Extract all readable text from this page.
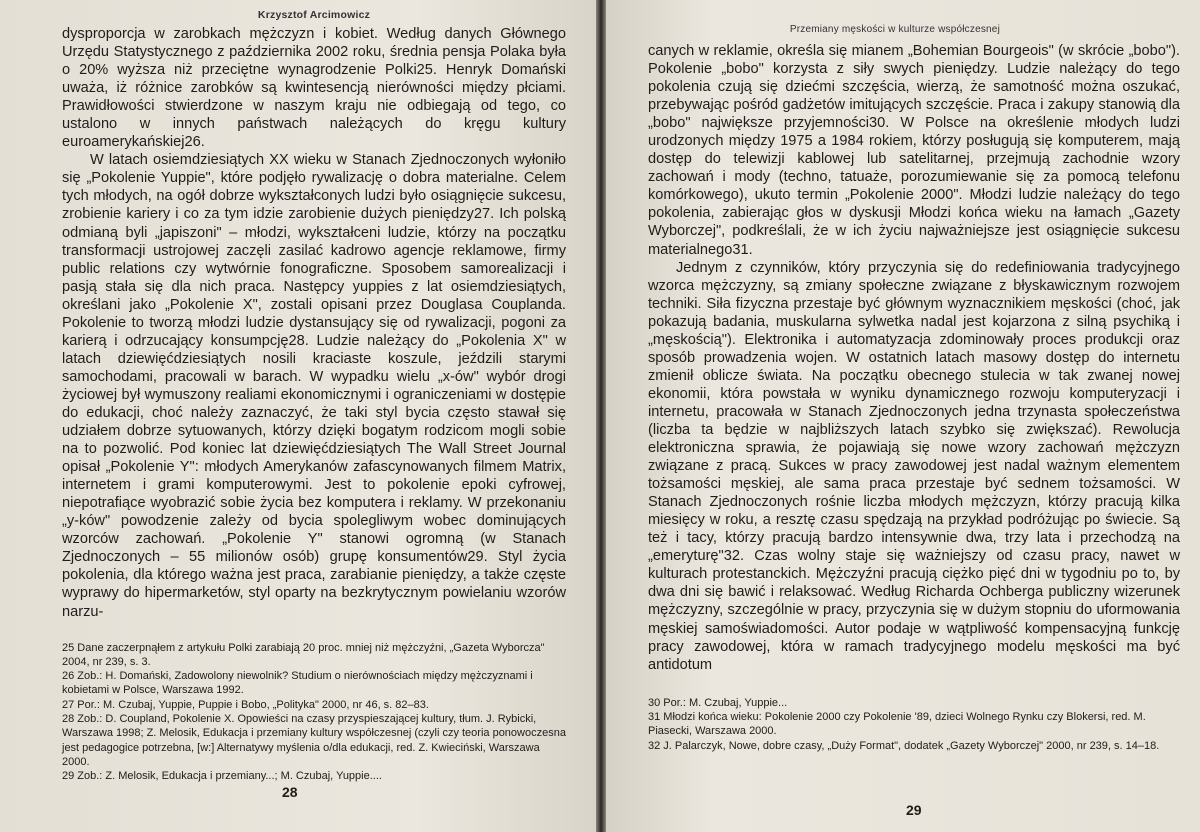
Krzysztof Arcimowicz

dysproporcja w zarobkach mężczyzn i kobiet. Według danych Głównego Urzędu Statystycznego z października 2002 roku, średnia pensja Polaka była o 20% wyższa niż przeciętne wynagrodzenie Polki25. Henryk Domański uważa, iż różnice zarobków są kwintesencją nierówności między płciami. Prawidłowości stwierdzone w naszym kraju nie odbiegają od tego, co ustalono w innych państwach należących do kręgu kultury euroamerykańskiej26.

W latach osiemdziesiątych XX wieku w Stanach Zjednoczonych wyłoniło się „Pokolenie Yuppie", które podjęło rywalizację o dobra materialne. Celem tych młodych, na ogół dobrze wykształconych ludzi było osiągnięcie sukcesu, zrobienie kariery i co za tym idzie zarobienie dużych pieniędzy27. Ich polską odmianą byli „japiszoni" – młodzi, wykształceni ludzie, którzy na początku transformacji ustrojowej zaczęli zasilać kadrowo agencje reklamowe, firmy public relations czy wytwórnie fonograficzne. Sposobem samorealizacji i pasją stała się dla nich praca. Następcy yuppies z lat osiemdziesiątych, określani jako „Pokolenie X", zostali opisani przez Douglasa Couplanda. Pokolenie to tworzą młodzi ludzie dystansujący się od rywalizacji, pogoni za karierą i odrzucający konsumpcję28. Ludzie należący do „Pokolenia X" w latach dziewięćdziesiątych nosili kraciaste koszule, jeździli starymi samochodami, pracowali w barach. W wypadku wielu „x-ów" wybór drogi życiowej był wymuszony realiami ekonomicznymi i ograniczeniami w dostępie do edukacji, choć należy zaznaczyć, że taki styl bycia często stawał się udziałem dobrze sytuowanych, którzy dzięki bogatym rodzicom mogli sobie na to pozwolić. Pod koniec lat dziewięćdziesiątych The Wall Street Journal opisał „Pokolenie Y": młodych Amerykanów zafascynowanych filmem Matrix, internetem i grami komputerowymi. Jest to pokolenie epoki cyfrowej, niepotrafiące wyobrazić sobie życia bez komputera i reklamy. W przekonaniu „y-ków" powodzenie zależy od bycia spolegliwym wobec dominujących wzorców zachowań. „Pokolenie Y" stanowi ogromną (w Stanach Zjednoczonych – 55 milionów osób) grupę konsumentów29. Styl życia pokolenia, dla którego ważna jest praca, zarabianie pieniędzy, a także częste wyprawy do hipermarketów, styl oparty na bezkrytycznym powielaniu wzorów narzu-

25 Dane zaczerpnąłem z artykułu Polki zarabiają 20 proc. mniej niż mężczyźni, „Gazeta Wyborcza" 2004, nr 239, s. 3.
26 Zob.: H. Domański, Zadowolony niewolnik? Studium o nierównościach między mężczyznami i kobietami w Polsce, Warszawa 1992.
27 Por.: M. Czubaj, Yuppie, Puppie i Bobo, „Polityka" 2000, nr 46, s. 82–83.
28 Zob.: D. Coupland, Pokolenie X. Opowieści na czasy przyspieszającej kultury, tłum. J. Rybicki, Warszawa 1998; Z. Melosik, Edukacja i przemiany kultury współczesnej (czyli czy teoria ponowoczesna jest pedagogice potrzebna, [w:] Alternatywy myślenia o/dla edukacji, red. Z. Kwieciński, Warszawa 2000.
29 Zob.: Z. Melosik, Edukacja i przemiany...; M. Czubaj, Yuppie....
28
Przemiany męskości w kulturze współczesnej

canych w reklamie, określa się mianem „Bohemian Bourgeois" (w skrócie „bobo"). Pokolenie „bobo" korzysta z siły swych pieniędzy. Ludzie należący do tego pokolenia czują się dziećmi szczęścia, wierzą, że samotność można oszukać, przebywając pośród gadżetów imitujących szczęście. Praca i zakupy stanowią dla „bobo" największe przyjemności30. W Polsce na określenie młodych ludzi urodzonych między 1975 a 1984 rokiem, którzy posługują się komputerem, mają dostęp do telewizji kablowej lub satelitarnej, przejmują zachodnie wzory zachowań i mody (techno, tatuaże, porozumiewanie się za pomocą telefonu komórkowego), ukuto termin „Pokolenie 2000". Młodzi ludzie należący do tego pokolenia, zabierając głos w dyskusji Młodzi końca wieku na łamach „Gazety Wyborczej", podkreślali, że w ich życiu najważniejsze jest osiągnięcie sukcesu materialnego31.

Jednym z czynników, który przyczynia się do redefiniowania tradycyjnego wzorca mężczyzny, są zmiany społeczne związane z błyskawicznym rozwojem techniki. Siła fizyczna przestaje być głównym wyznacznikiem męskości (choć, jak pokazują badania, muskularna sylwetka nadal jest kojarzona z silną psychiką i „męskością"). Elektronika i automatyzacja zdominowały proces produkcji oraz sposób prowadzenia wojen. W ostatnich latach masowy dostęp do internetu zmienił oblicze świata. Na początku obecnego stulecia w tak zwanej nowej ekonomii, która powstała w wyniku dynamicznego rozwoju komputeryzacji i internetu, pracowała w Stanach Zjednoczonych jedna trzynasta społeczeństwa (liczba ta będzie w najbliższych latach szybko się zwiększać). Rewolucja elektroniczna sprawia, że pojawiają się nowe wzory zachowań mężczyzn związane z pracą. Sukces w pracy zawodowej jest nadal ważnym elementem tożsamości męskiej, ale sama praca przestaje być sednem tożsamości. W Stanach Zjednoczonych rośnie liczba młodych mężczyzn, którzy pracują kilka miesięcy w roku, a resztę czasu spędzają na przykład podróżując po świecie. Są też i tacy, którzy pracują bardzo intensywnie dwa, trzy lata i przechodzą na „emeryturę"32. Czas wolny staje się ważniejszy od czasu pracy, nawet w kulturach protestanckich. Mężczyźni pracują ciężko pięć dni w tygodniu po to, by dwa dni się bawić i relaksować. Według Richarda Ochberga publiczny wizerunek mężczyzny, szczególnie w pracy, przyczynia się w dużym stopniu do uformowania męskiej samoświadomości. Autor podaje w wątpliwość kompensacyjną funkcję pracy zawodowej, która w ramach tradycyjnego modelu męskości ma być antidotum

30 Por.: M. Czubaj, Yuppie...
31 Młodzi końca wieku: Pokolenie 2000 czy Pokolenie '89, dzieci Wolnego Rynku czy Blokersi, red. M. Piasecki, Warszawa 2000.
32 J. Palarczyk, Nowe, dobre czasy, „Duży Format", dodatek „Gazety Wyborczej" 2000, nr 239, s. 14–18.
29
